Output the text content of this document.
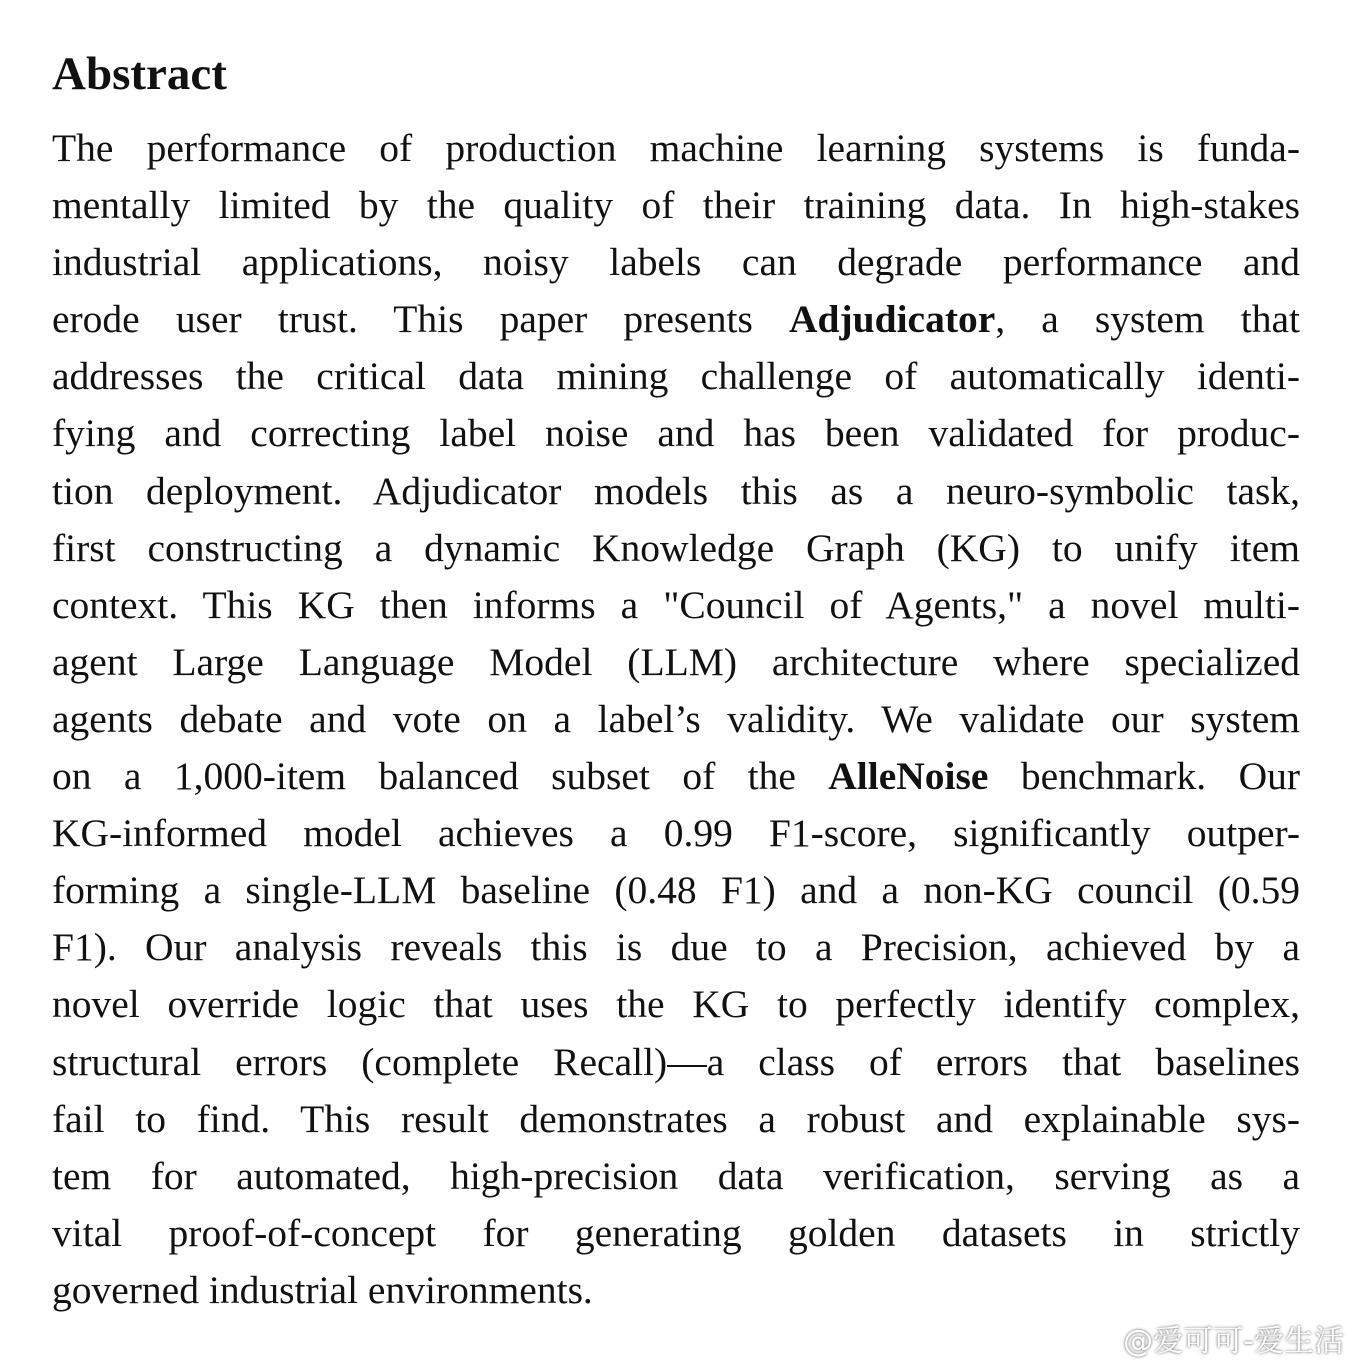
Abstract
The performance of production machine learning systems is funda-
mentally limited by the quality of their training data. In high-stakes
industrial applications, noisy labels can degrade performance and
erode user trust. This paper presents Adjudicator, a system that
addresses the critical data mining challenge of automatically identi-
fying and correcting label noise and has been validated for produc-
tion deployment. Adjudicator models this as a neuro-symbolic task,
first constructing a dynamic Knowledge Graph (KG) to unify item
context. This KG then informs a "Council of Agents," a novel multi-
agent Large Language Model (LLM) architecture where specialized
agents debate and vote on a label’s validity. We validate our system
on a 1,000-item balanced subset of the AlleNoise benchmark. Our
KG-informed model achieves a 0.99 F1-score, significantly outper-
forming a single-LLM baseline (0.48 F1) and a non-KG council (0.59
F1). Our analysis reveals this is due to a Precision, achieved by a
novel override logic that uses the KG to perfectly identify complex,
structural errors (complete Recall)—a class of errors that baselines
fail to find. This result demonstrates a robust and explainable sys-
tem for automated, high-precision data verification, serving as a
vital proof-of-concept for generating golden datasets in strictly
governed industrial environments.
@爱可可-爱生活
